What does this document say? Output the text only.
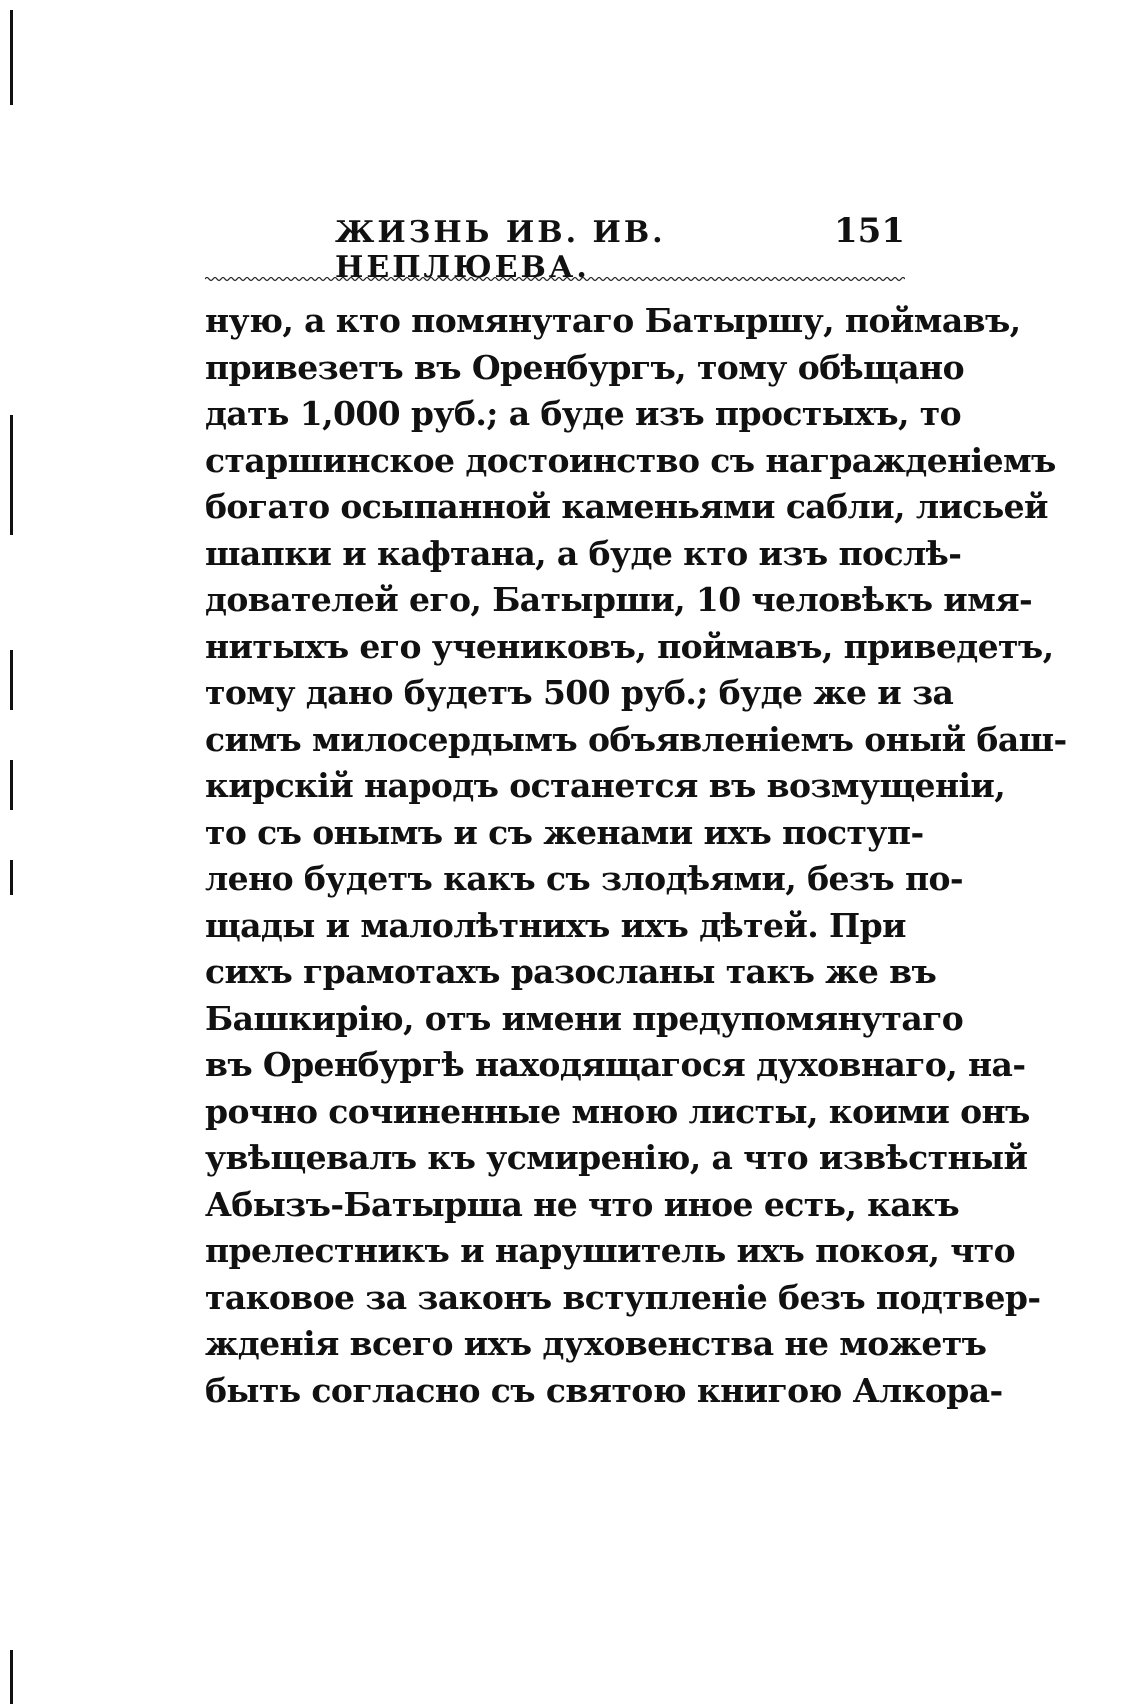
ЖИЗНЬ ИВ. ИВ. НЕПЛЮЕВА.
151
ную, а кто помянутаго Батыршу, поймавъ,
привезетъ въ Оренбургъ, тому обѣщано
дать 1,000 руб.; а буде изъ простыхъ, то
старшинское достоинство съ награжденіемъ
богато осыпанной каменьями сабли, лисьей
шапки и кафтана, а буде кто изъ послѣ-
дователей его, Батырши, 10 человѣкъ имя-
нитыхъ его учениковъ, поймавъ, приведетъ,
тому дано будетъ 500 руб.; буде же и за
симъ милосердымъ объявленіемъ оный баш-
кирскій народъ останется въ возмущеніи,
то съ онымъ и съ женами ихъ поступ-
лено будетъ какъ съ злодѣями, безъ по-
щады и малолѣтнихъ ихъ дѣтей. При
сихъ грамотахъ разосланы такъ же въ
Башкирію, отъ имени предупомянутаго
въ Оренбургѣ находящагося духовнаго, на-
рочно сочиненные мною листы, коими онъ
увѣщевалъ къ усмиренію, а что извѣстный
Абызъ-Батырша не что иное есть, какъ
прелестникъ и нарушитель ихъ покоя, что
таковое за законъ вступленіе безъ подтвер-
жденія всего ихъ духовенства не можетъ
быть согласно съ святою книгою Алкора-
